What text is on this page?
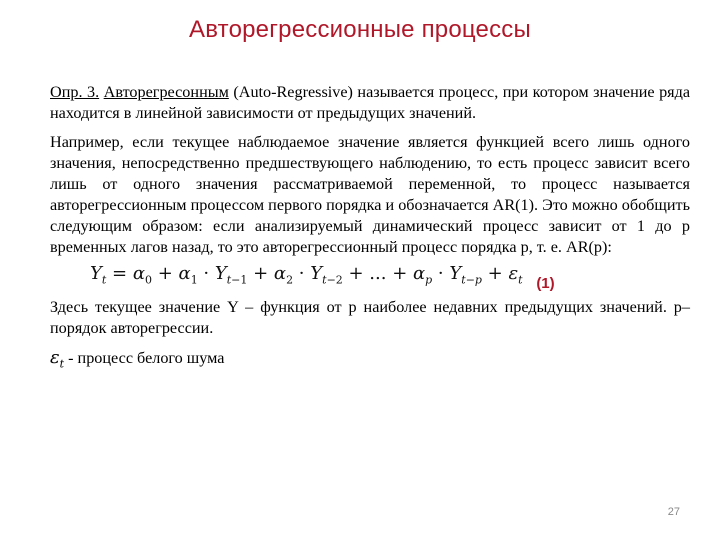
Авторегрессионные процессы

Опр. 3. Авторегресонным (Auto-Regressive) называется процесс, при котором значение ряда находится в линейной зависимости от предыдущих значений.

Например, если текущее наблюдаемое значение является функцией всего лишь одного значения, непосредственно предшествующего наблюдению, то есть процесс зависит всего лишь от одного значения рассматриваемой переменной, то процесс называется авторегрессионным процессом первого порядка и обозначается AR(1). Это можно обобщить следующим образом: если анализируемый динамический процесс зависит от 1 до p временных лагов назад, то это авторегрессионный процесс порядка p, т. е. AR(p):

$Y_t = \alpha_0 + \alpha_1 \cdot Y_{t-1} + \alpha_2 \cdot Y_{t-2}$ + ... + $\alpha_p \cdot Y_{t-p} + \varepsilon_t$ $_{(1)}$

Здесь текущее значение Y – функция от p наиболее недавних предыдущих значений. p– порядок авторегрессии.

$\varepsilon_t$ - процесс белого шума
27
